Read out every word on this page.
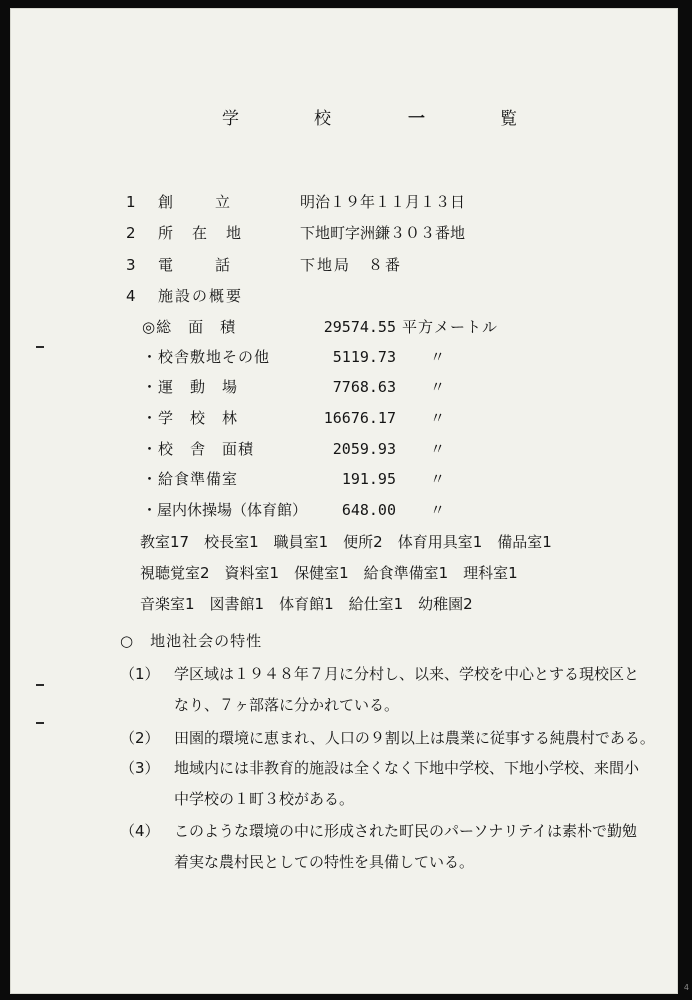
学	校	一	覧
1 創　　立	明治１９年１１月１３日
2 所　在　地	下地町字洲鎌３０３番地
3 電　　話	下地局　８番
4 施設の概要
◎総　面　積	29574.55 平方メートル
・校舎敷地その他	5119.73 〃
・運　動　場	7768.63 〃
・学　校　林	16676.17 〃
・校　舎　面積	2059.93 〃
・給食準備室	191.95 〃
・屋内休操場（体育館）	648.00 〃
教室17　校長室1　職員室1　便所2　体育用具室1　備品室1
視聴覚室2　資料室1　保健室1　給食準備室1　理科室1
音楽室1　図書館1　体育館1　給仕室1　幼稚園2
○　地池社会の特性
（1） 学区域は１９４８年７月に分村し、以来、学校を中心とする現校区と
なり、７ヶ部落に分かれている。
（2） 田園的環境に恵まれ、人口の９割以上は農業に従事する純農村である。
（3） 地域内には非教育的施設は全くなく下地中学校、下地小学校、来間小
中学校の１町３校がある。
（4） このような環境の中に形成された町民のパーソナリテイは素朴で勤勉
着実な農村民としての特性を具備している。
4
